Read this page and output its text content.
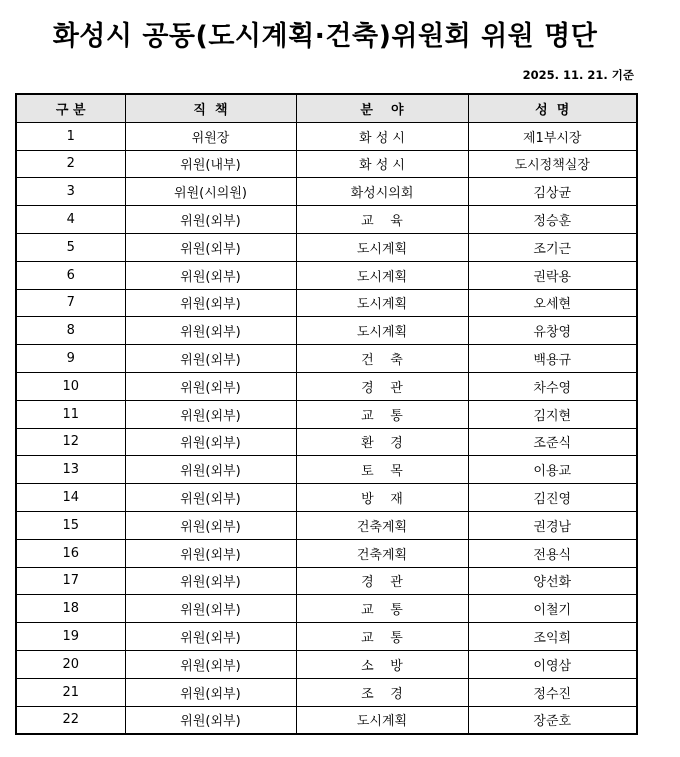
화성시 공동(도시계획·건축)위원회 위원 명단
2025. 11. 21. 기준
구 분	직  책	분    야	성  명
1	위원장	화 성 시	제1부시장
2	위원(내부)	화 성 시	도시정책실장
3	위원(시의원)	화성시의회	김상균
4	위원(외부)	교    육	정승훈
5	위원(외부)	도시계획	조기근
6	위원(외부)	도시계획	권락용
7	위원(외부)	도시계획	오세현
8	위원(외부)	도시계획	유창영
9	위원(외부)	건    축	백용규
10	위원(외부)	경    관	차수영
11	위원(외부)	교    통	김지현
12	위원(외부)	환    경	조준식
13	위원(외부)	토    목	이용교
14	위원(외부)	방    재	김진영
15	위원(외부)	건축계획	권경남
16	위원(외부)	건축계획	전용식
17	위원(외부)	경    관	양선화
18	위원(외부)	교    통	이철기
19	위원(외부)	교    통	조익희
20	위원(외부)	소    방	이영삼
21	위원(외부)	조    경	정수진
22	위원(외부)	도시계획	장준호
